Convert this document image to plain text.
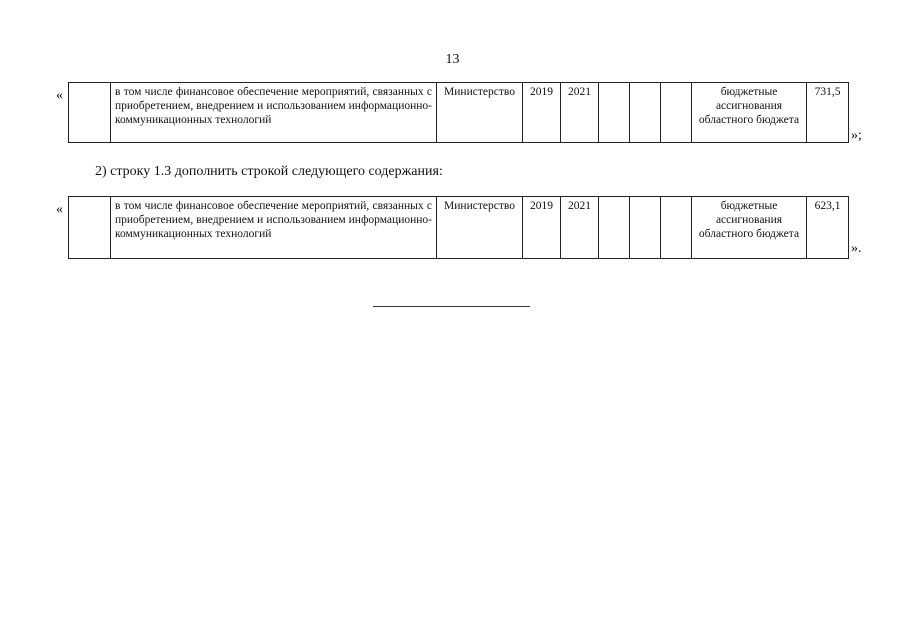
13
«
		в том числе финансовое обеспечение мероприятий, связанных с приобретением, внедрением и использованием информационно-коммуникационных технологий	Министерство	2019	2021				бюджетные ассигнования областного бюджета	731,5
»;
2) строку 1.3 дополнить строкой следующего содержания:
«
		в том числе финансовое обеспечение мероприятий, связанных с приобретением, внедрением и использованием информационно-коммуникационных технологий	Министерство	2019	2021				бюджетные ассигнования областного бюджета	623,1
».
